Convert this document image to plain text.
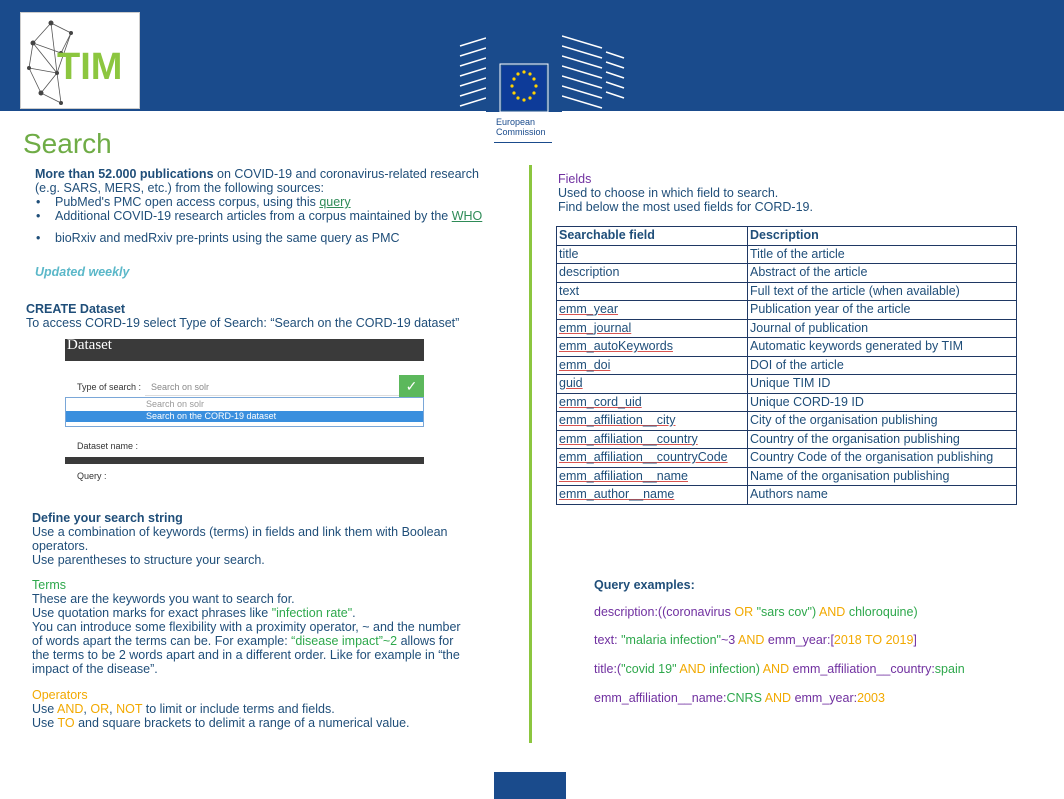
TIM
European
Commission
Search
More than 52.000 publications on COVID-19 and coronavirus-related research (e.g. SARS, MERS, etc.) from the following sources:
• PubMed's PMC open access corpus, using this query
• Additional COVID-19 research articles from a corpus maintained by the WHO
• bioRxiv and medRxiv pre-prints using the same query as PMC
Updated weekly
CREATE Dataset
To access CORD-19 select Type of Search: “Search on the CORD-19 dataset”
Dataset
Type of search :	Search on solr	✓
Search on solr
Search on the CORD-19 dataset
Dataset name :
Query :
Define your search string
Use a combination of keywords (terms) in fields and link them with Boolean operators.
Use parentheses to structure your search.
Terms
These are the keywords you want to search for.
Use quotation marks for exact phrases like "infection rate".
You can introduce some flexibility with a proximity operator, ~ and the number of words apart the terms can be. For example: “disease impact”~2 allows for the terms to be 2 words apart and in a different order. Like for example in “the impact of the disease”.
Operators
Use AND, OR, NOT to limit or include terms and fields.
Use TO and square brackets to delimit a range of a numerical value.
Fields
Used to choose in which field to search.
Find below the most used fields for CORD-19.
Searchable field	Description
title	Title of the article
description	Abstract of the article
text	Full text of the article (when available)
emm_year	Publication year of the article
emm_journal	Journal of publication
emm_autoKeywords	Automatic keywords generated by TIM
emm_doi	DOI of the article
guid	Unique TIM ID
emm_cord_uid	Unique CORD-19 ID
emm_affiliation__city	City of the organisation publishing
emm_affiliation__country	Country of the organisation publishing
emm_affiliation__countryCode	Country Code of the organisation publishing
emm_affiliation__name	Name of the organisation publishing
emm_author__name	Authors name
Query examples:
description:((coronavirus OR "sars cov") AND chloroquine)
text: "malaria infection"~3 AND emm_year:[2018 TO 2019]
title:("covid 19" AND infection) AND emm_affiliation__country:spain
emm_affiliation__name:CNRS AND emm_year:2003
